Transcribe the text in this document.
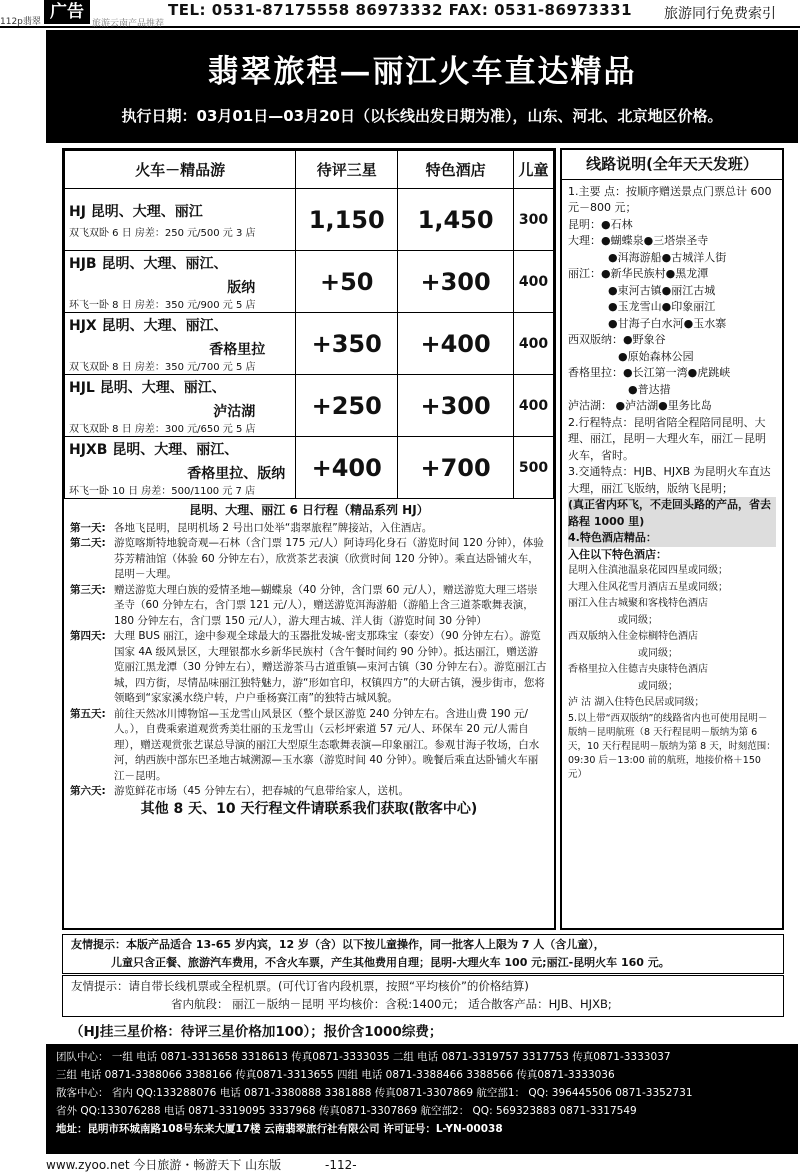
112p翡翠 广告	TEL: 0531-87175558 86973332 FAX: 0531-86973331
旅游云南产品推荐
旅游同行免费索引
翡翠旅程—丽江火车直达精品
执行日期：03月01日—03月20日（以长线出发日期为准），山东、河北、北京地区价格。
火车－精品游	待评三星	特色酒店	儿童

HJ 昆明、大理、丽江
双飞双卧 6 日 房差：250 元/500 元 3 店	1,150	1,450	300

HJB 昆明、大理、丽江、
版纳
环飞一卧 8 日 房差：350 元/900 元 5 店	+50	+300	400

HJX 昆明、大理、丽江、
香格里拉
双飞双卧 8 日 房差：350 元/700 元 5 店	+350	+400	400

HJL 昆明、大理、丽江、
泸沽湖
双飞双卧 8 日 房差：300 元/650 元 5 店	+250	+300	400

HJXB 昆明、大理、丽江、
香格里拉、版纳
环飞一卧 10 日 房差：500/1100 元 7 店	+400	+700	500
昆明、大理、丽江 6 日行程（精品系列 HJ）
第一天: 各地飞昆明，昆明机场 2 号出口处举“翡翠旅程”牌接站，入住酒店。
第二天: 游览喀斯特地貌奇观—石林（含门票 175 元/人）阿诗玛化身石（游览时间 120 分钟），体验芬芳精油馆（体验 60 分钟左右），欣赏茶艺表演（欣赏时间 120 分钟）。乘直达卧铺火车，昆明－大理。
第三天: 赠送游览大理白族的爱情圣地—蝴蝶泉（40 分钟，含门票 60 元/人），赠送游览大理三塔崇圣寺（60 分钟左右，含门票 121 元/人），赠送游览洱海游船（游船上含三道茶歌舞表演，180 分钟左右，含门票 150 元/人），游大理古城、洋人街（游览时间 30 分钟）
第四天: 大理 BUS 丽江，途中参观全球最大的玉器批发城-密支那珠宝（泰安）（90 分钟左右）。游览国家 4A 级风景区，大理银都水乡新华民族村（含午餐时间约 90 分钟）。抵达丽江，赠送游览丽江黑龙潭（30 分钟左右），赠送游茶马古道重镇—束河古镇（30 分钟左右）。游览丽江古城，四方街，尽情品味丽江独特魅力，游“形如官印，权镇四方”的大研古镇，漫步街市，您将领略到“家家溪水绕户转，户户垂杨赛江南”的独特古城风貌。
第五天: 前往天然冰川博物馆—玉龙雪山风景区（整个景区游览 240 分钟左右。含进山费 190 元/人。），自费乘索道观赏秀美壮丽的玉龙雪山（云杉坪索道 57 元/人、环保车 20 元/人需自理），赠送观赏张艺谋总导演的丽江大型原生态歌舞表演—印象丽江。参观甘海子牧场，白水河，纳西族中部东巴圣地古城溯源—玉水寨（游览时间 40 分钟）。晚餐后乘直达卧铺火车丽江－昆明。
第六天: 游览鲜花市场（45 分钟左右），把春城的气息带给家人，送机。
其他 8 天、10 天行程文件请联系我们获取(散客中心)
线路说明(全年天天发班）
1.主要 点：按顺序赠送景点门票总计 600 元－800 元；
昆明：●石林
大理：●蝴蝶泉●三塔崇圣寺
●洱海游船●古城洋人街
丽江：●新华民族村●黑龙潭
●束河古镇●丽江古城
●玉龙雪山●印象丽江
●甘海子白水河●玉水寨
西双版纳：●野象谷
●原始森林公园
香格里拉：●长江第一湾●虎跳峡
●普达措
泸沽湖： ●泸沽湖●里务比岛
2.行程特点：昆明省陪全程陪同昆明、大理、丽江，昆明－大理火车，丽江－昆明火车，省时。
3.交通特点：HJB、HJXB 为昆明火车直达大理，丽江飞版纳，版纳飞昆明；
(真正省内环飞，不走回头路的产品，省去路程 1000 里)
4.特色酒店精品：
入住以下特色酒店：
昆明入住滇池温泉花园四星或同级；
大理入住风花雪月酒店五星或同级；
丽江入住古城聚和客栈特色酒店
或同级；
西双版纳入住金棕榈特色酒店
或同级；
香格里拉入住德吉央康特色酒店
或同级；
泸 沽 湖入住特色民居或同级；
5.以上带“西双版纳”的线路省内也可使用昆明－版纳－昆明航班（8 天行程昆明－版纳为第 6 天，10 天行程昆明－版纳为第 8 天，时刻范围：09:30 后－13:00 前的航班，地接价格＋150 元）
友情提示：本版产品适合 13-65 岁内宾，12 岁（含）以下按儿童操作，同一批客人上限为 7 人（含儿童），
儿童只含正餐、旅游汽车费用，不含火车票，产生其他费用自理；昆明-大理火车 100 元;丽江-昆明火车 160 元。
友情提示：请自带长线机票或全程机票。(可代订省内段机票，按照“平均核价”的价格结算)
省内航段： 丽江－版纳－昆明 平均核价：含税:1400元； 适合散客产品：HJB、HJXB;
（HJ挂三星价格：待评三星价格加100）；报价含1000综费；
团队中心： 一组 电话 0871-3313658 3318613 传真0871-3333035 二组 电话 0871-3319757 3317753 传真0871-3333037
三组 电话 0871-3388066 3388166 传真0871-3313655 四组 电话 0871-3388466 3388566 传真0871-3333036
散客中心： 省内 QQ:133288076 电话 0871-3380888 3381888 传真0871-3307869 航空部1： QQ: 396445506 0871-3352731
省外 QQ:133076288 电话 0871-3319095 3337968 传真0871-3307869 航空部2： QQ: 569323883 0871-3317549
地址：昆明市环城南路108号东来大厦17楼 云南翡翠旅行社有限公司 许可证号：L-YN-00038
www.zyoo.net 今日旅游・畅游天下 山东版	-112-
